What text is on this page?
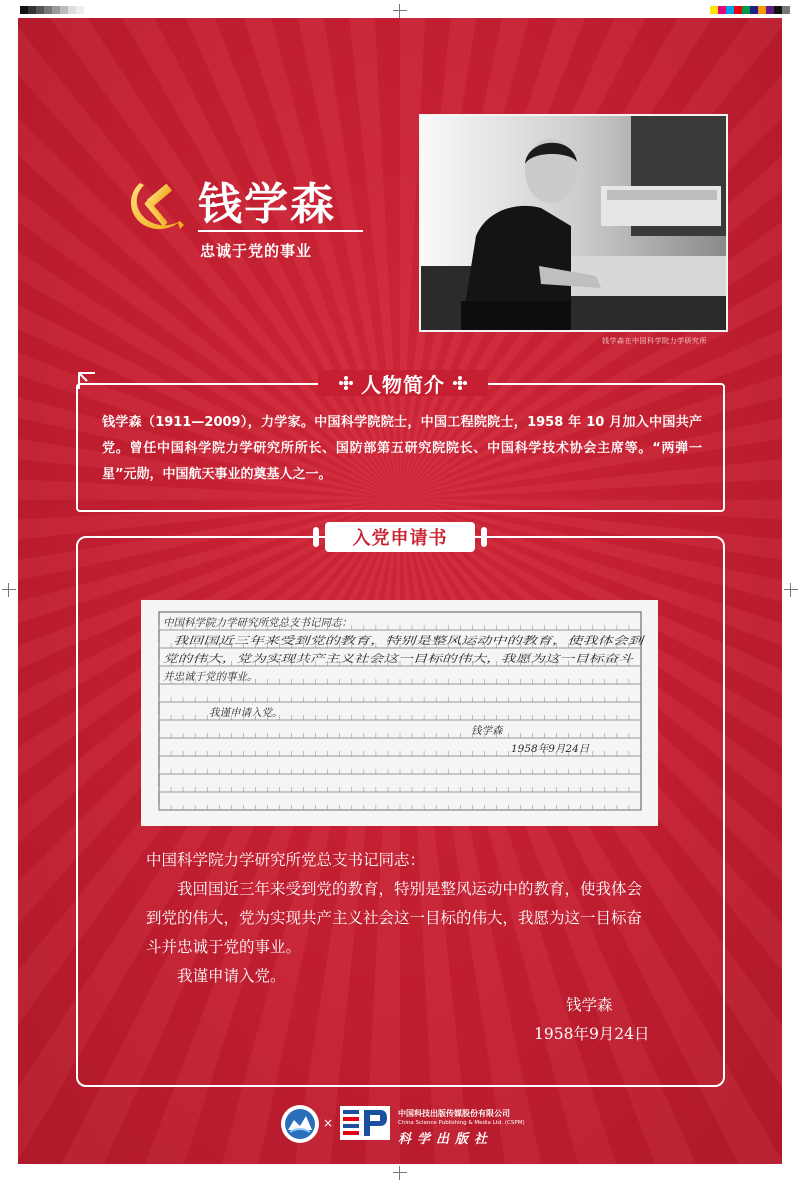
钱学森
忠诚于党的事业
钱学森在中国科学院力学研究所
人物简介
钱学森（1911—2009），力学家。中国科学院院士，中国工程院院士，1958 年 10 月加入中国共产党。曾任中国科学院力学研究所所长、国防部第五研究院院长、中国科学技术协会主席等。“两弹一星”元勋，中国航天事业的奠基人之一。
入党申请书
中国科学院力学研究所党总支书记同志：
我回国近三年来受到党的教育，特别是整风运动中的教育，使我体会到
党的伟大，党为实现共产主义社会这一目标的伟大，我愿为这一目标奋斗
并忠诚于党的事业。
我谨申请入党。
钱学森
1958年9月24日

中国科学院力学研究所党总支书记同志：

我回国近三年来受到党的教育，特别是整风运动中的教育，使我体会到党的伟大，党为实现共产主义社会这一目标的伟大，我愿为这一目标奋斗并忠诚于党的事业。

我谨申请入党。

钱学森

1958年9月24日

×
中国科技出版传媒股份有限公司
China Science Publishing & Media Ltd. (CSPM)
科学出版社
